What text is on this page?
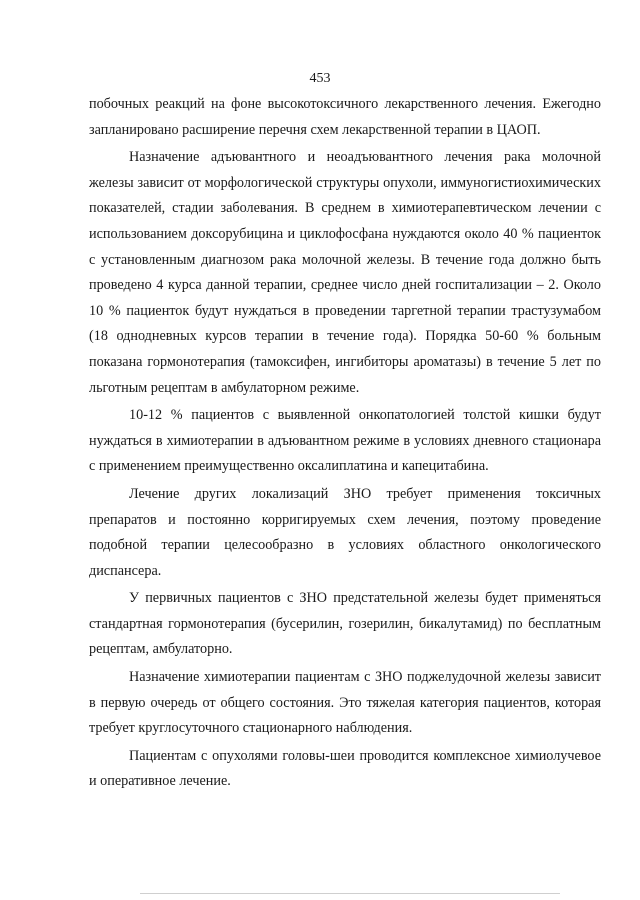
453

побочных реакций на фоне высокотоксичного лекарственного лечения. Ежегодно запланировано расширение перечня схем лекарственной терапии в ЦАОП.

Назначение адъювантного и неоадъювантного лечения рака молочной железы зависит от морфологической структуры опухоли, иммуногистиохимических показателей, стадии заболевания. В среднем в химиотерапевтическом лечении с использованием доксорубицина и циклофосфана нуждаются около 40 % пациенток с установленным диагнозом рака молочной железы. В течение года должно быть проведено 4 курса данной терапии, среднее число дней госпитализации – 2. Около 10 % пациенток будут нуждаться в проведении таргетной терапии трастузумабом (18 однодневных курсов терапии в течение года). Порядка 50-60 % больным показана гормонотерапия (тамоксифен, ингибиторы ароматазы) в течение 5 лет по льготным рецептам в амбулаторном режиме.

10-12 % пациентов с выявленной онкопатологией толстой кишки будут нуждаться в химиотерапии в адъювантном режиме в условиях дневного стационара с применением преимущественно оксалиплатина и капецитабина.

Лечение других локализаций ЗНО требует применения токсичных препаратов и постоянно корригируемых схем лечения, поэтому проведение подобной терапии целесообразно в условиях областного онкологического диспансера.

У первичных пациентов с ЗНО предстательной железы будет применяться стандартная гормонотерапия (бусерилин, гозерилин, бикалутамид) по бесплатным рецептам, амбулаторно.

Назначение химиотерапии пациентам с ЗНО поджелудочной железы зависит в первую очередь от общего состояния. Это тяжелая категория пациентов, которая требует круглосуточного стационарного наблюдения.

Пациентам с опухолями головы-шеи проводится комплексное химиолучевое и оперативное лечение.
